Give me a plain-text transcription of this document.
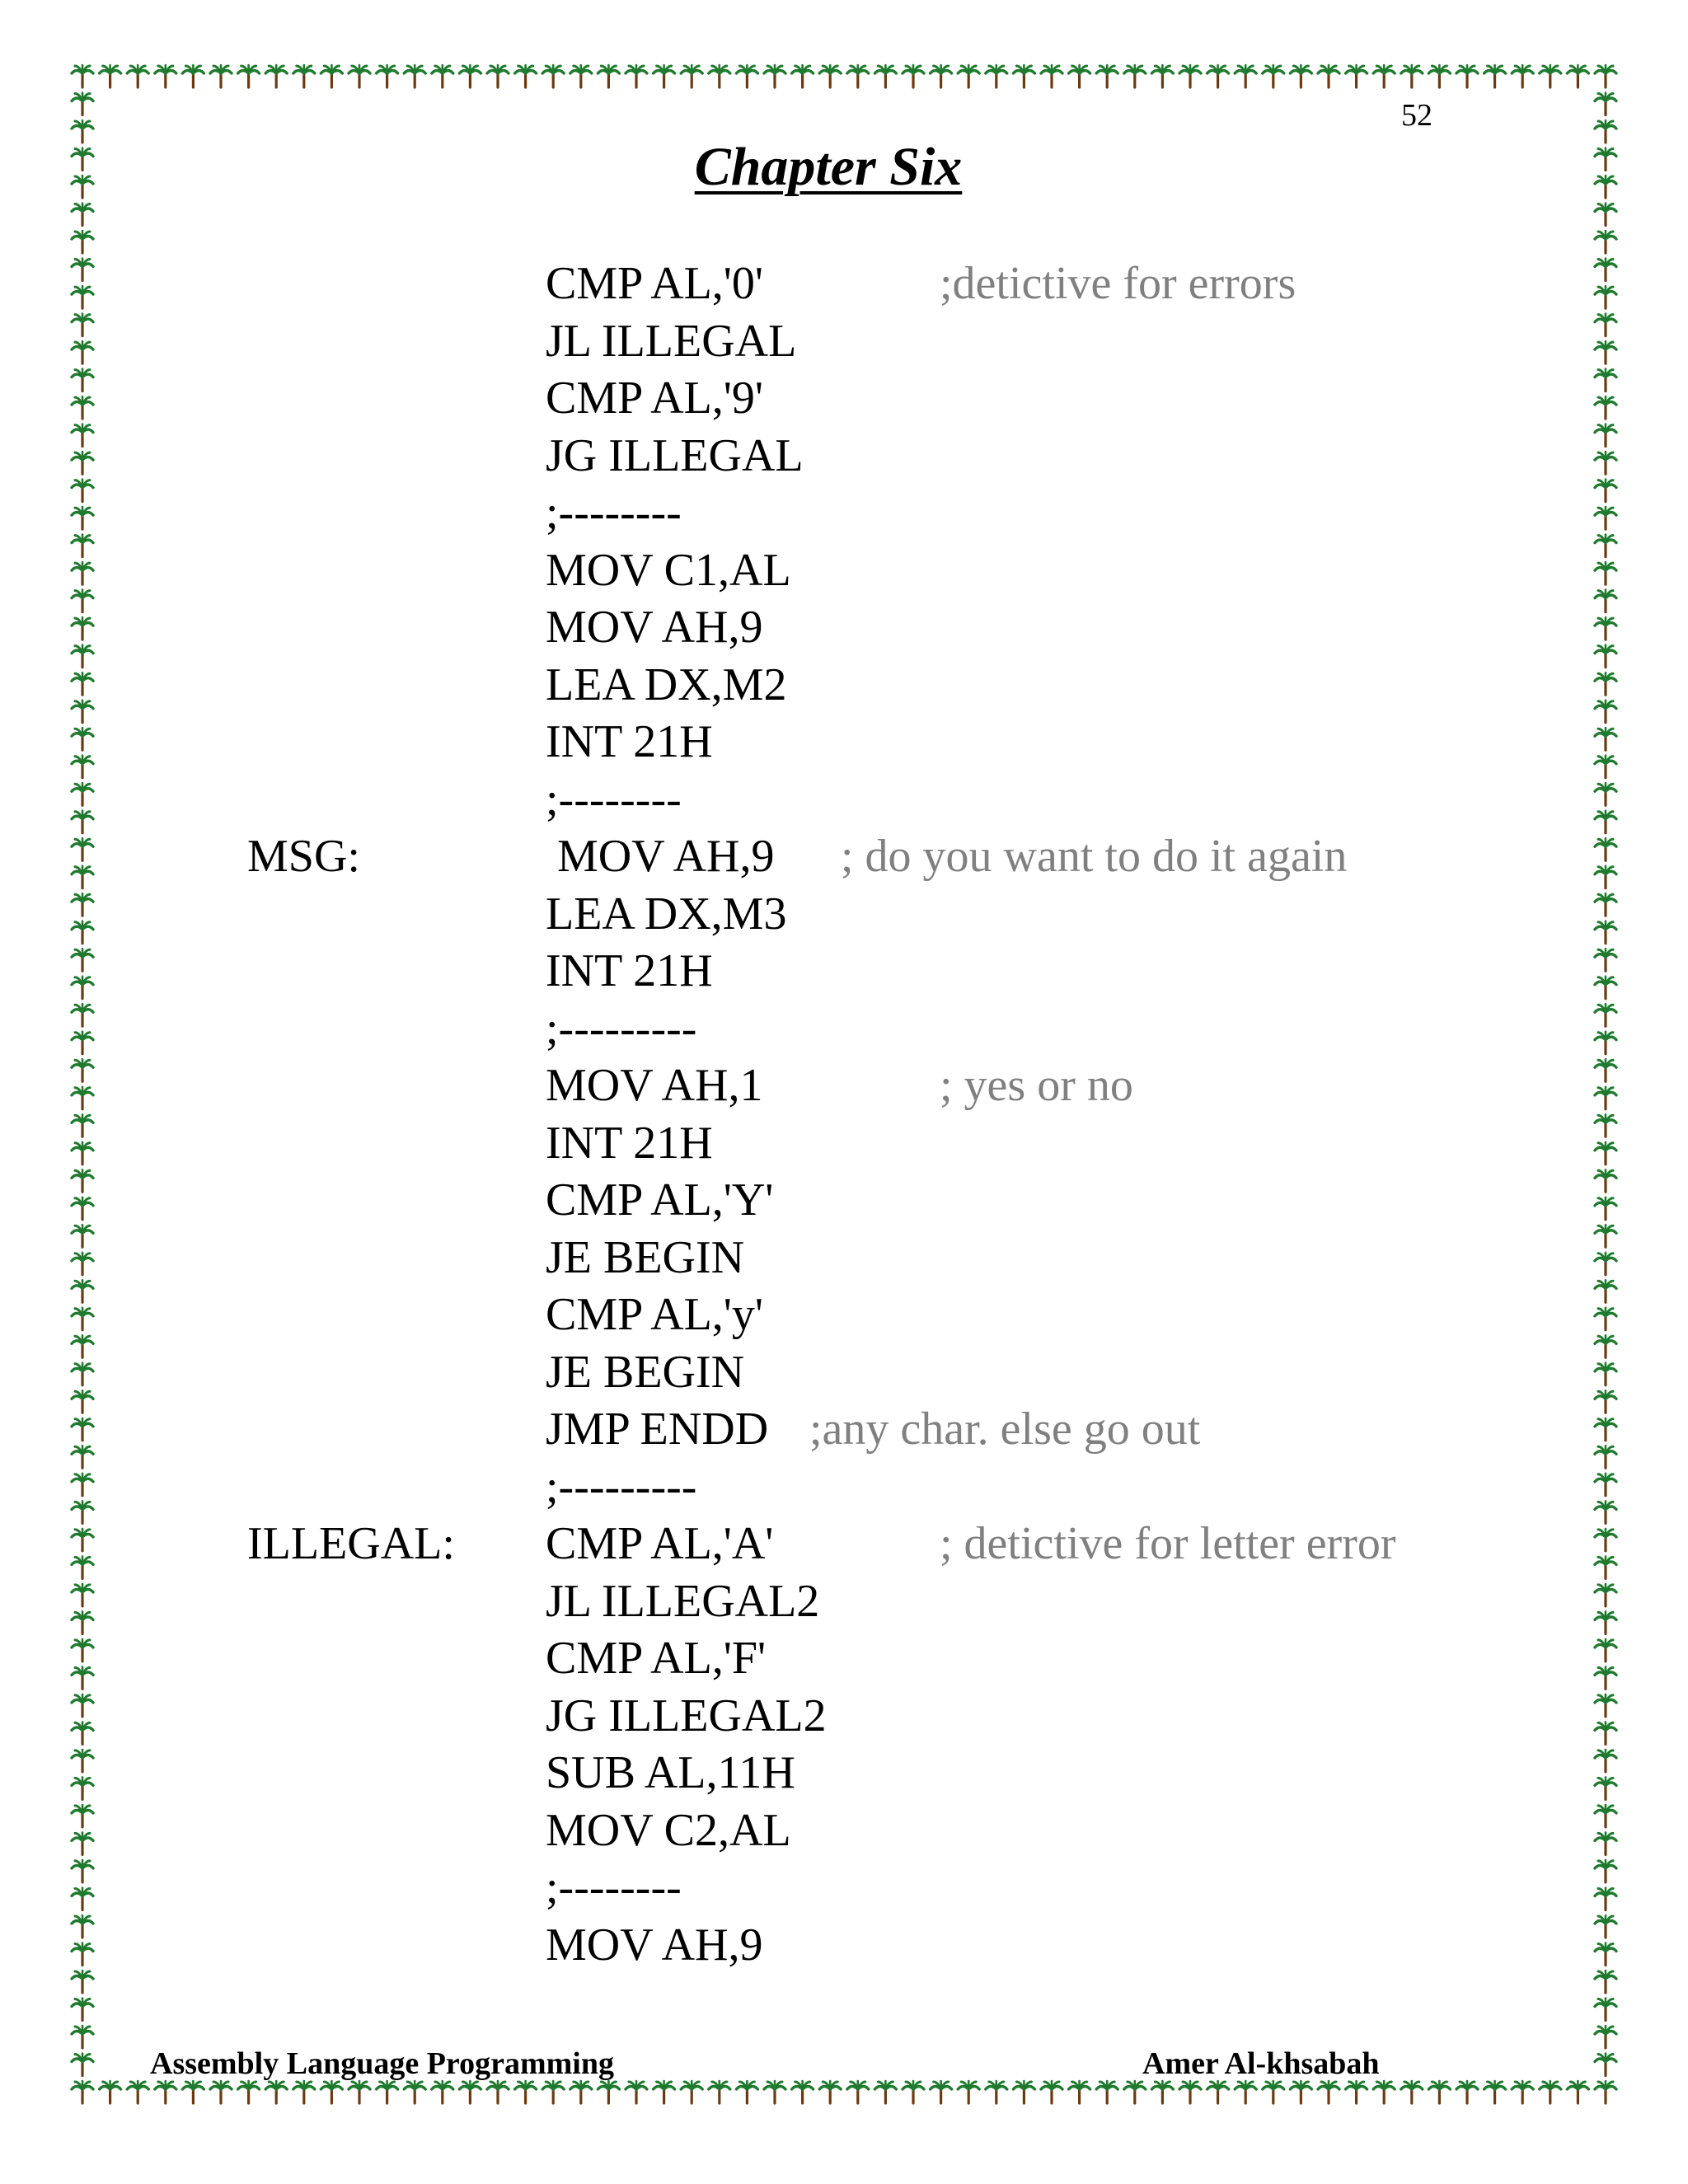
52
Chapter Six
CMP AL,'0'	;detictive for errors
JL ILLEGAL
CMP AL,'9'
JG ILLEGAL
;--------
MOV C1,AL
MOV AH,9
LEA DX,M2
INT 21H
;--------
MSG:	MOV AH,9 ; do you want to do it again
LEA DX,M3
INT 21H
;---------
MOV AH,1	; yes or no
INT 21H
CMP AL,'Y'
JE BEGIN
CMP AL,'y'
JE BEGIN
JMP ENDD ;any char. else go out
;---------
ILLEGAL: CMP AL,'A'	; detictive for letter error
JL ILLEGAL2
CMP AL,'F'
JG ILLEGAL2
SUB AL,11H
MOV C2,AL
;--------
MOV AH,9
Assembly Language Programming	Amer Al-khsabah
